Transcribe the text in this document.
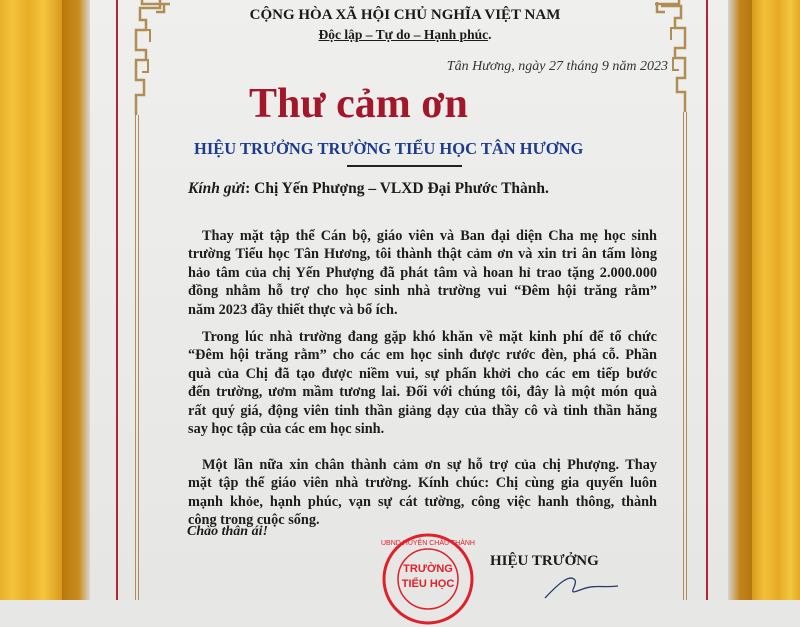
CỘNG HÒA XÃ HỘI CHỦ NGHĨA VIỆT NAM
Độc lập – Tự do – Hạnh phúc.
Tân Hương, ngày 27 tháng 9 năm 2023
Thư cảm ơn
HIỆU TRƯỞNG TRƯỜNG TIỂU HỌC TÂN HƯƠNG
Kính gửi: Chị Yến Phượng – VLXD Đại Phước Thành.
Thay mặt tập thể Cán bộ, giáo viên và Ban đại diện Cha mẹ học sinh
trường Tiểu học Tân Hương, tôi thành thật cảm ơn và xin tri ân tấm lòng
hảo tâm của chị Yến Phượng đã phát tâm và hoan hỉ trao tặng 2.000.000
đồng nhằm hỗ trợ cho học sinh nhà trường vui “Đêm hội trăng rằm”
năm 2023 đầy thiết thực và bổ ích.
Trong lúc nhà trường đang gặp khó khăn về mặt kinh phí để tổ chức
“Đêm hội trăng rằm” cho các em học sinh được rước đèn, phá cỗ. Phần
quà của Chị đã tạo được niềm vui, sự phấn khởi cho các em tiếp bước
đến trường, ươm mầm tương lai. Đối với chúng tôi, đây là một món quà
rất quý giá, động viên tinh thần giảng dạy của thầy cô và tinh thần hăng
say học tập của các em học sinh.
Một lần nữa xin chân thành cảm ơn sự hỗ trợ của chị Phượng. Thay
mặt tập thể giáo viên nhà trường. Kính chúc: Chị cùng gia quyến luôn
mạnh khỏe, hạnh phúc, vạn sự cát tường, công việc hanh thông, thành
công trong cuộc sống.
Chào thân ái!
UBND HUYỆN CHÂU THÀNH
TRƯỜNG
TIỂU HỌC
HIỆU TRƯỞNG
